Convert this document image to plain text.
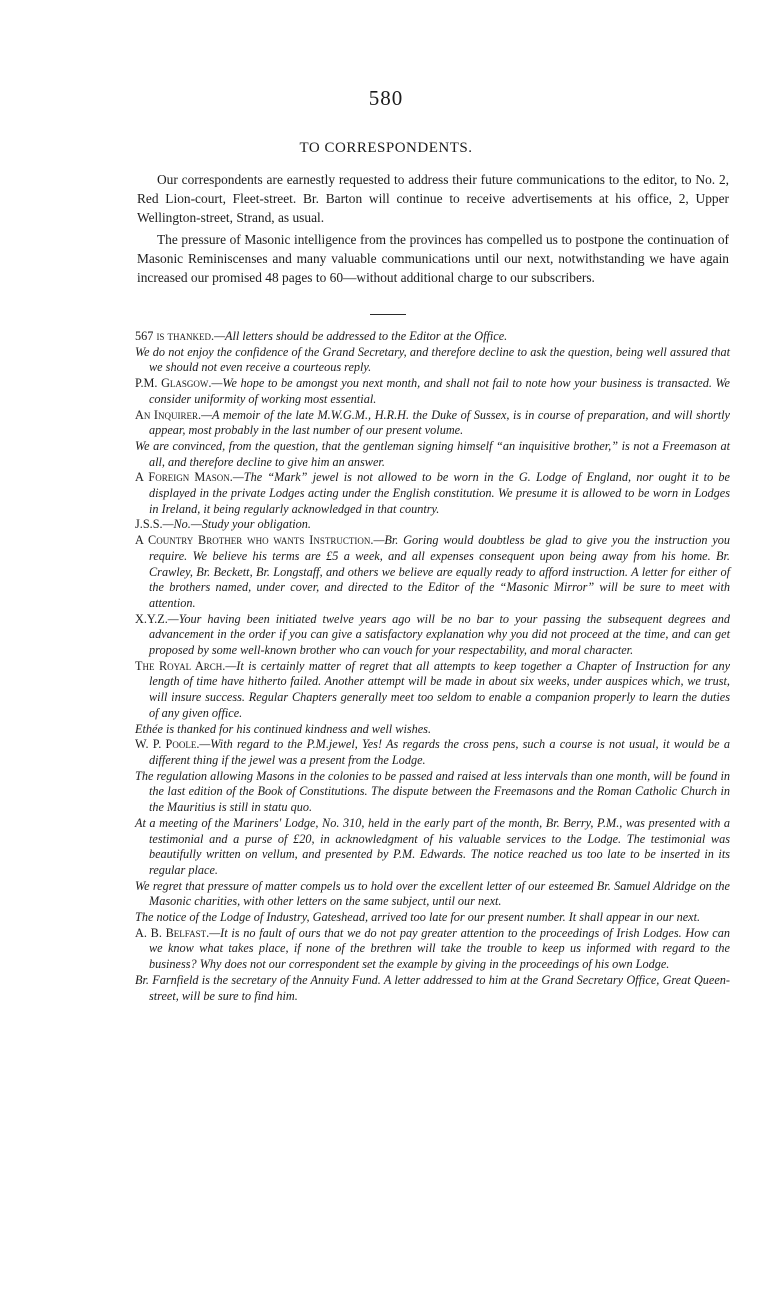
580
TO CORRESPONDENTS.

Our correspondents are earnestly requested to address their future communications to the editor, to No. 2, Red Lion-court, Fleet-street. Br. Barton will continue to receive advertisements at his office, 2, Upper Wellington-street, Strand, as usual.

The pressure of Masonic intelligence from the provinces has compelled us to postpone the continuation of Masonic Reminiscenses and many valuable communications until our next, notwithstanding we have again increased our promised 48 pages to 60—without additional charge to our subscribers.

567 is thanked.—All letters should be addressed to the Editor at the Office.

We do not enjoy the confidence of the Grand Secretary, and therefore decline to ask the question, being well assured that we should not even receive a courteous reply.

P.M. Glasgow.—We hope to be amongst you next month, and shall not fail to note how your business is transacted. We consider uniformity of working most essential.

An Inquirer.—A memoir of the late M.W.G.M., H.R.H. the Duke of Sussex, is in course of preparation, and will shortly appear, most probably in the last number of our present volume.

We are convinced, from the question, that the gentleman signing himself “an inquisitive brother,” is not a Freemason at all, and therefore decline to give him an answer.

A Foreign Mason.—The “Mark” jewel is not allowed to be worn in the G. Lodge of England, nor ought it to be displayed in the private Lodges acting under the English constitution. We presume it is allowed to be worn in Lodges in Ireland, it being regularly acknowledged in that country.

J.S.S.—No.—Study your obligation.

A Country Brother who wants Instruction.—Br. Goring would doubtless be glad to give you the instruction you require. We believe his terms are £5 a week, and all expenses consequent upon being away from his home. Br. Crawley, Br. Beckett, Br. Longstaff, and others we believe are equally ready to afford instruction. A letter for either of the brothers named, under cover, and directed to the Editor of the “Masonic Mirror” will be sure to meet with attention.

X.Y.Z.—Your having been initiated twelve years ago will be no bar to your passing the subsequent degrees and advancement in the order if you can give a satisfactory explanation why you did not proceed at the time, and can get proposed by some well-known brother who can vouch for your respectability, and moral character.

The Royal Arch.—It is certainly matter of regret that all attempts to keep together a Chapter of Instruction for any length of time have hitherto failed. Another attempt will be made in about six weeks, under auspices which, we trust, will insure success. Regular Chapters generally meet too seldom to enable a companion properly to learn the duties of any given office.

Ethée is thanked for his continued kindness and well wishes.

W. P. Poole.—With regard to the P.M.jewel, Yes! As regards the cross pens, such a course is not usual, it would be a different thing if the jewel was a present from the Lodge.

The regulation allowing Masons in the colonies to be passed and raised at less intervals than one month, will be found in the last edition of the Book of Constitutions. The dispute between the Freemasons and the Roman Catholic Church in the Mauritius is still in statu quo.

At a meeting of the Mariners' Lodge, No. 310, held in the early part of the month, Br. Berry, P.M., was presented with a testimonial and a purse of £20, in acknowledgment of his valuable services to the Lodge. The testimonial was beautifully written on vellum, and presented by P.M. Edwards. The notice reached us too late to be inserted in its regular place.

We regret that pressure of matter compels us to hold over the excellent letter of our esteemed Br. Samuel Aldridge on the Masonic charities, with other letters on the same subject, until our next.

The notice of the Lodge of Industry, Gateshead, arrived too late for our present number. It shall appear in our next.

A. B. Belfast.—It is no fault of ours that we do not pay greater attention to the proceedings of Irish Lodges. How can we know what takes place, if none of the brethren will take the trouble to keep us informed with regard to the business? Why does not our correspondent set the example by giving in the proceedings of his own Lodge.

Br. Farnfield is the secretary of the Annuity Fund. A letter addressed to him at the Grand Secretary Office, Great Queen-street, will be sure to find him.
